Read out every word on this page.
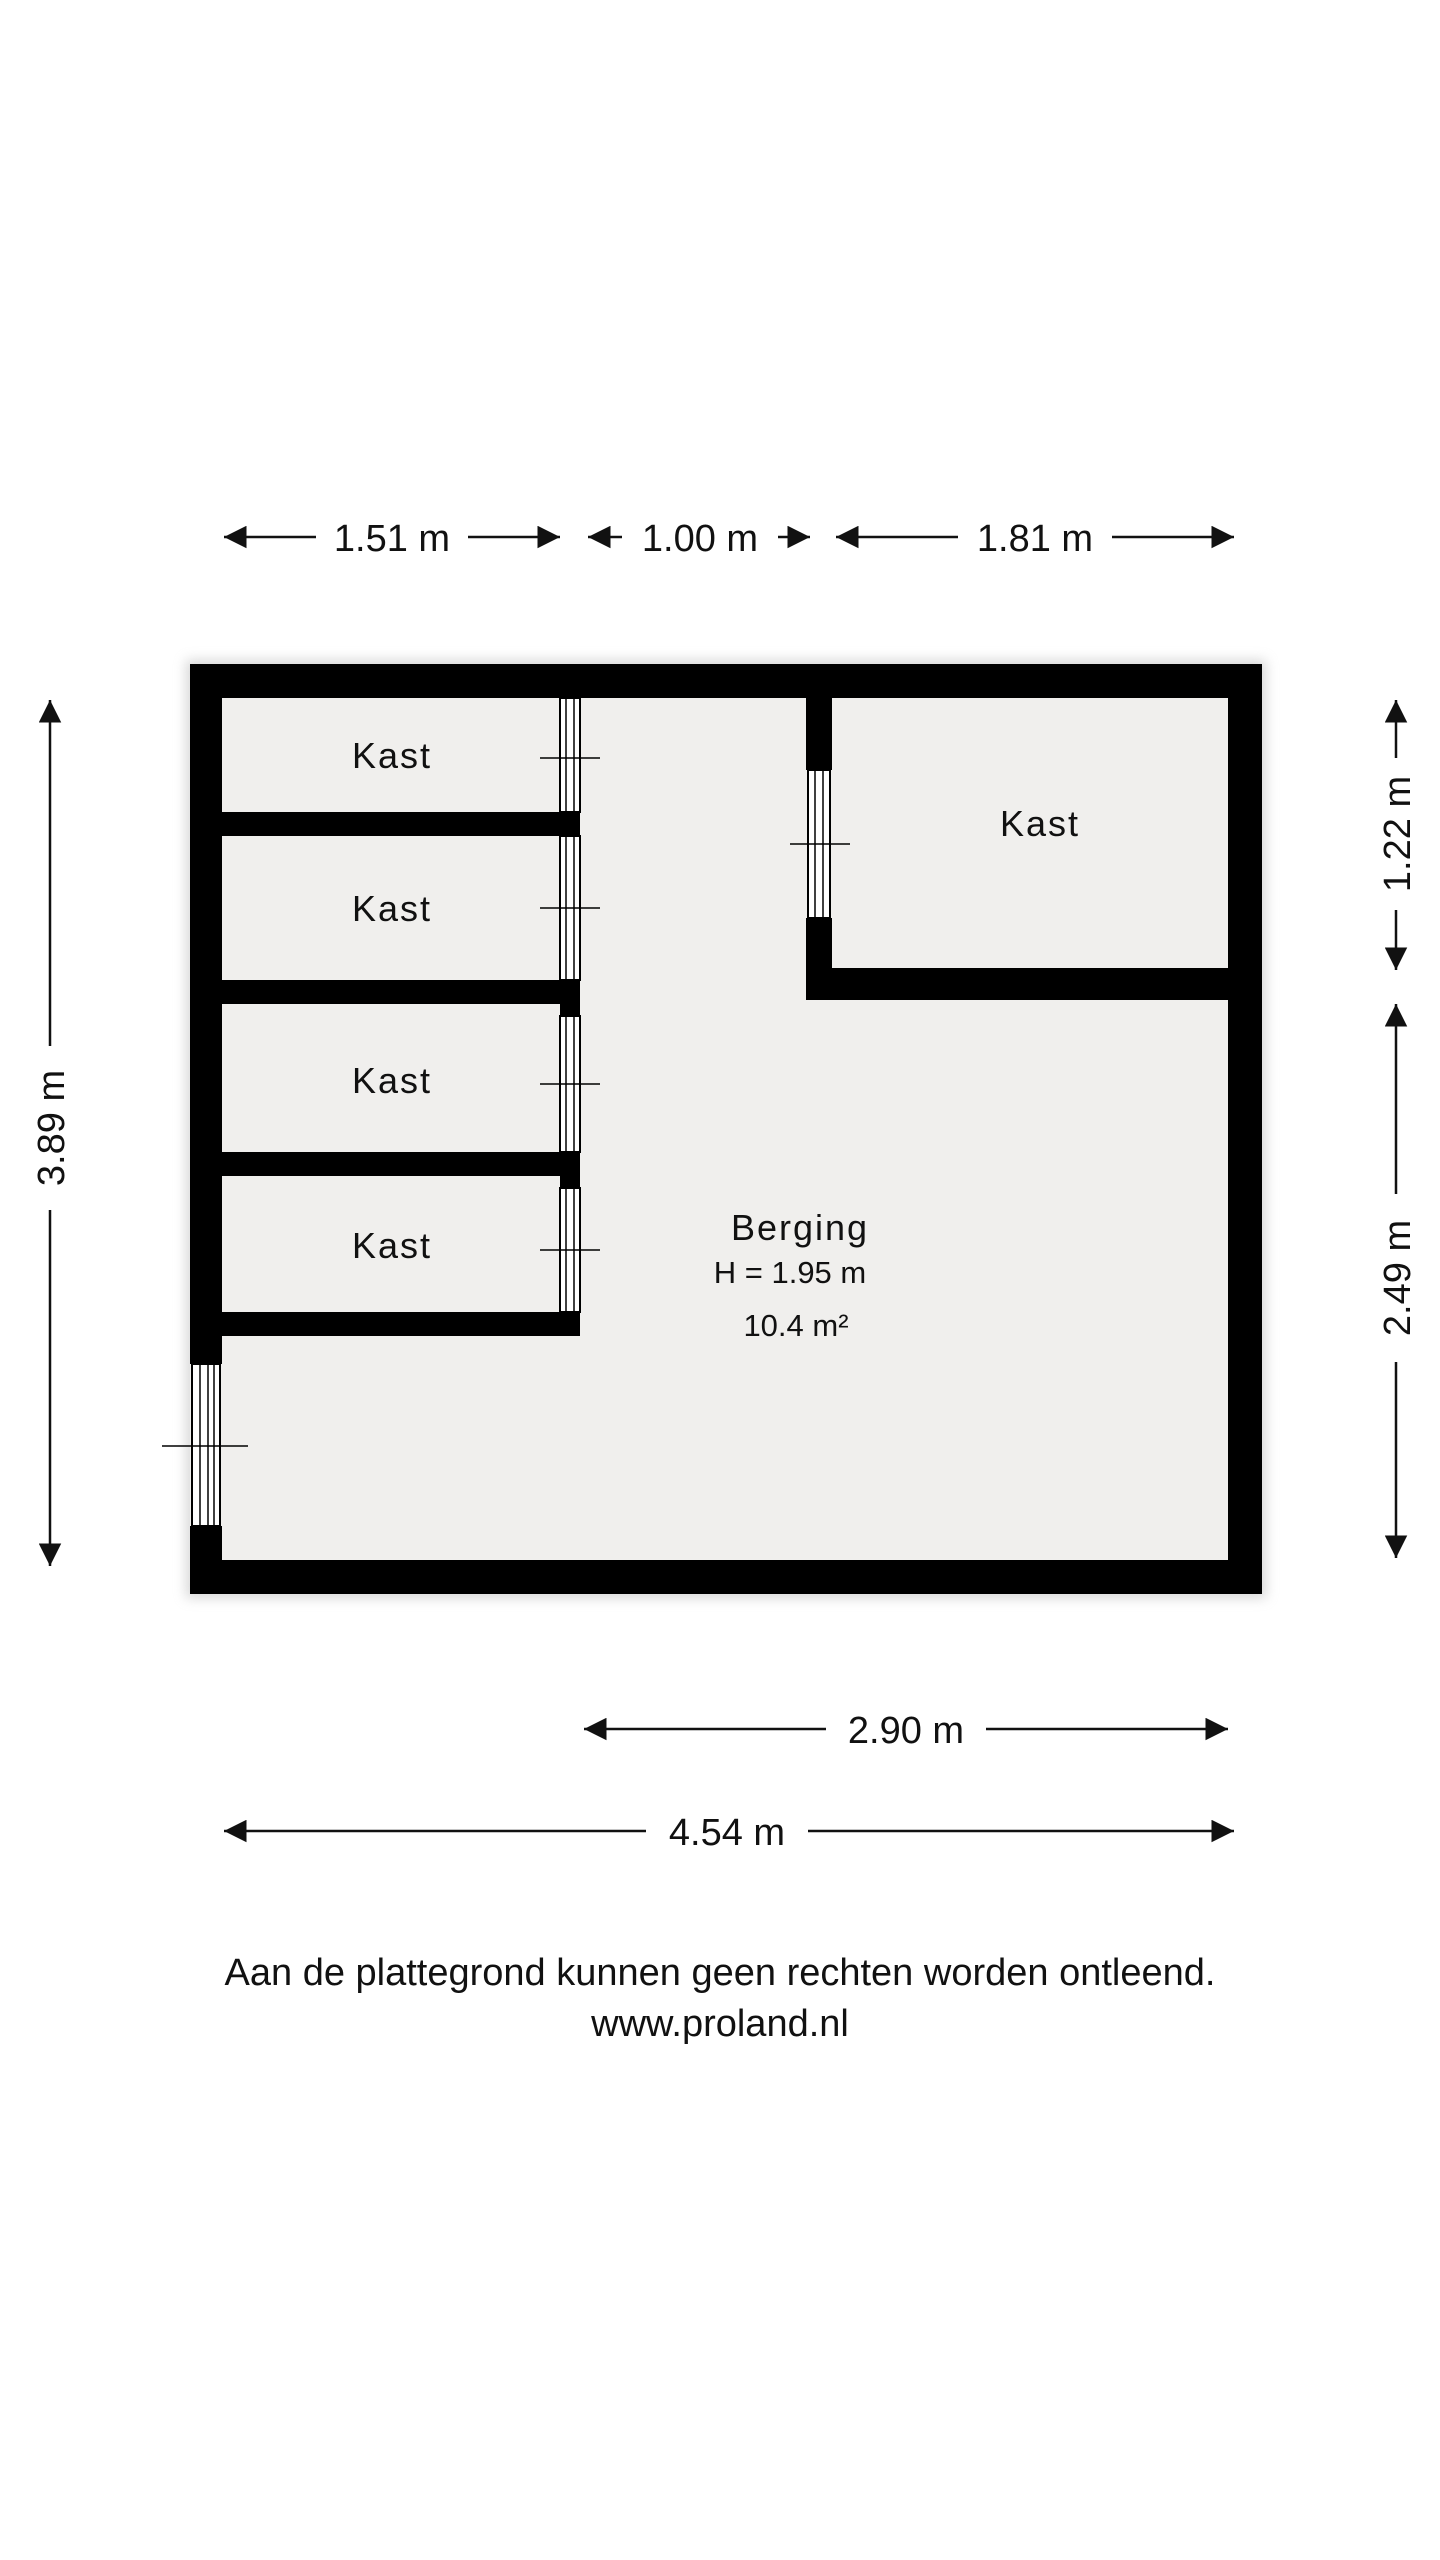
Kast
Kast
Kast
Kast
Kast
Berging
H = 1.95 m
10.4 m²
1.51 m	1.00 m	1.81 m
3.89 m
1.22 m
2.49 m
2.90 m
4.54 m
Aan de plattegrond kunnen geen rechten worden ontleend.
www.proland.nl
